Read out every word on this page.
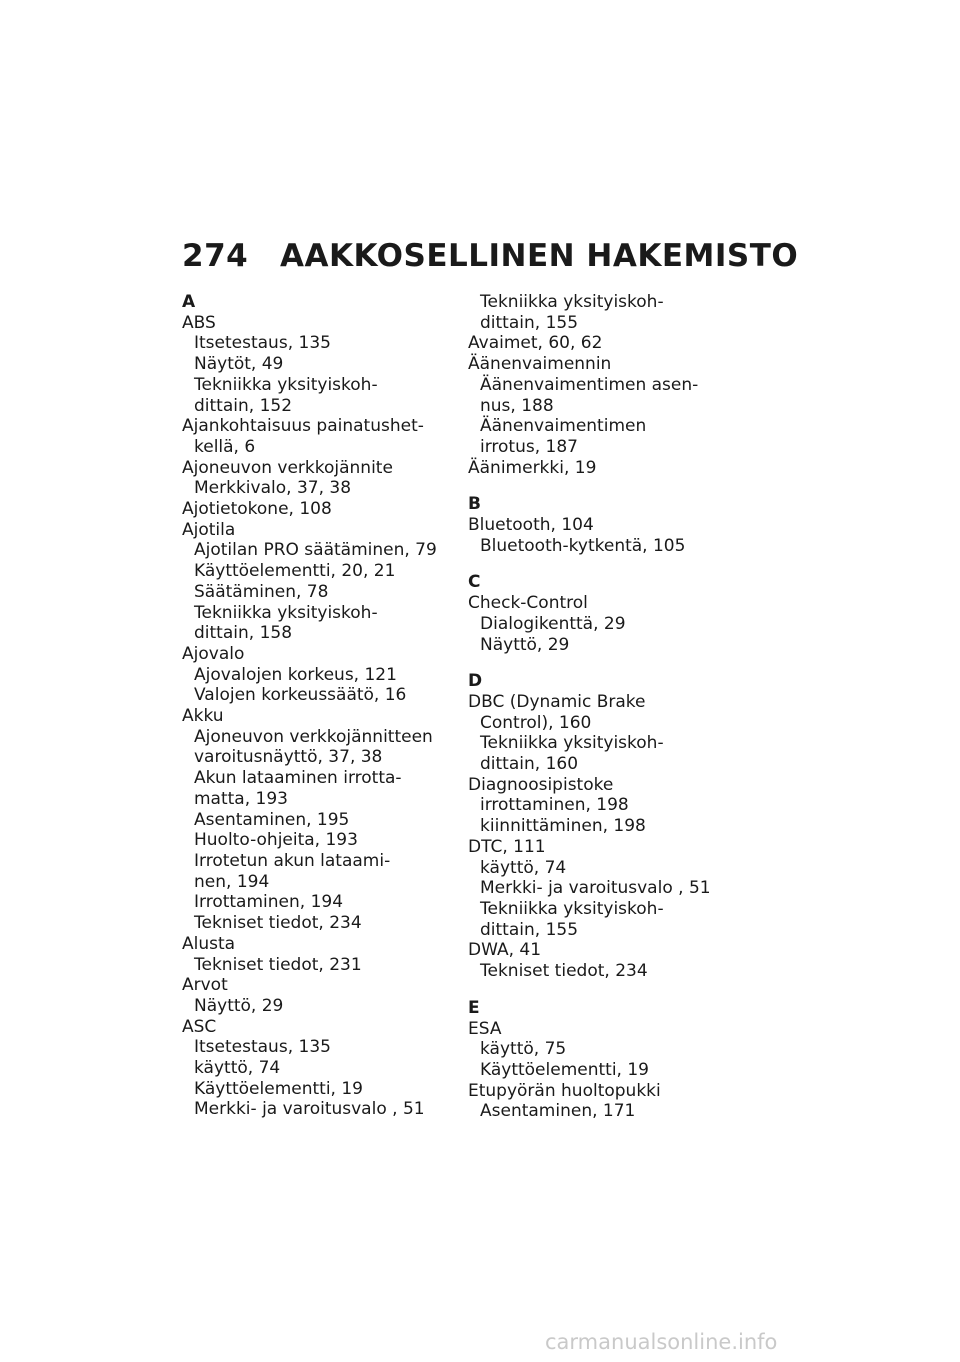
274 AAKKOSELLINEN HAKEMISTO
A
ABS
Itsetestaus, 135
Näytöt, 49
Tekniikka yksityiskoh-
dittain, 152
Ajankohtaisuus painatushet-
kellä, 6
Ajoneuvon verkkojännite
Merkkivalo, 37, 38
Ajotietokone, 108
Ajotila
Ajotilan PRO säätäminen, 79
Käyttöelementti, 20, 21
Säätäminen, 78
Tekniikka yksityiskoh-
dittain, 158
Ajovalo
Ajovalojen korkeus, 121
Valojen korkeussäätö, 16
Akku
Ajoneuvon verkkojännitteen
varoitusnäyttö, 37, 38
Akun lataaminen irrotta-
matta, 193
Asentaminen, 195
Huolto-ohjeita, 193
Irrotetun akun lataami-
nen, 194
Irrottaminen, 194
Tekniset tiedot, 234
Alusta
Tekniset tiedot, 231
Arvot
Näyttö, 29
ASC
Itsetestaus, 135
käyttö, 74
Käyttöelementti, 19
Merkki- ja varoitusvalo , 51
Tekniikka yksityiskoh-
dittain, 155
Avaimet, 60, 62
Äänenvaimennin
Äänenvaimentimen asen-
nus, 188
Äänenvaimentimen
irrotus, 187
Äänimerkki, 19
B
Bluetooth, 104
Bluetooth-kytkentä, 105
C
Check-Control
Dialogikenttä, 29
Näyttö, 29
D
DBC (Dynamic Brake
Control), 160
Tekniikka yksityiskoh-
dittain, 160
Diagnoosipistoke
irrottaminen, 198
kiinnittäminen, 198
DTC, 111
käyttö, 74
Merkki- ja varoitusvalo , 51
Tekniikka yksityiskoh-
dittain, 155
DWA, 41
Tekniset tiedot, 234
E
ESA
käyttö, 75
Käyttöelementti, 19
Etupyörän huoltopukki
Asentaminen, 171
carmanualsonline.info
